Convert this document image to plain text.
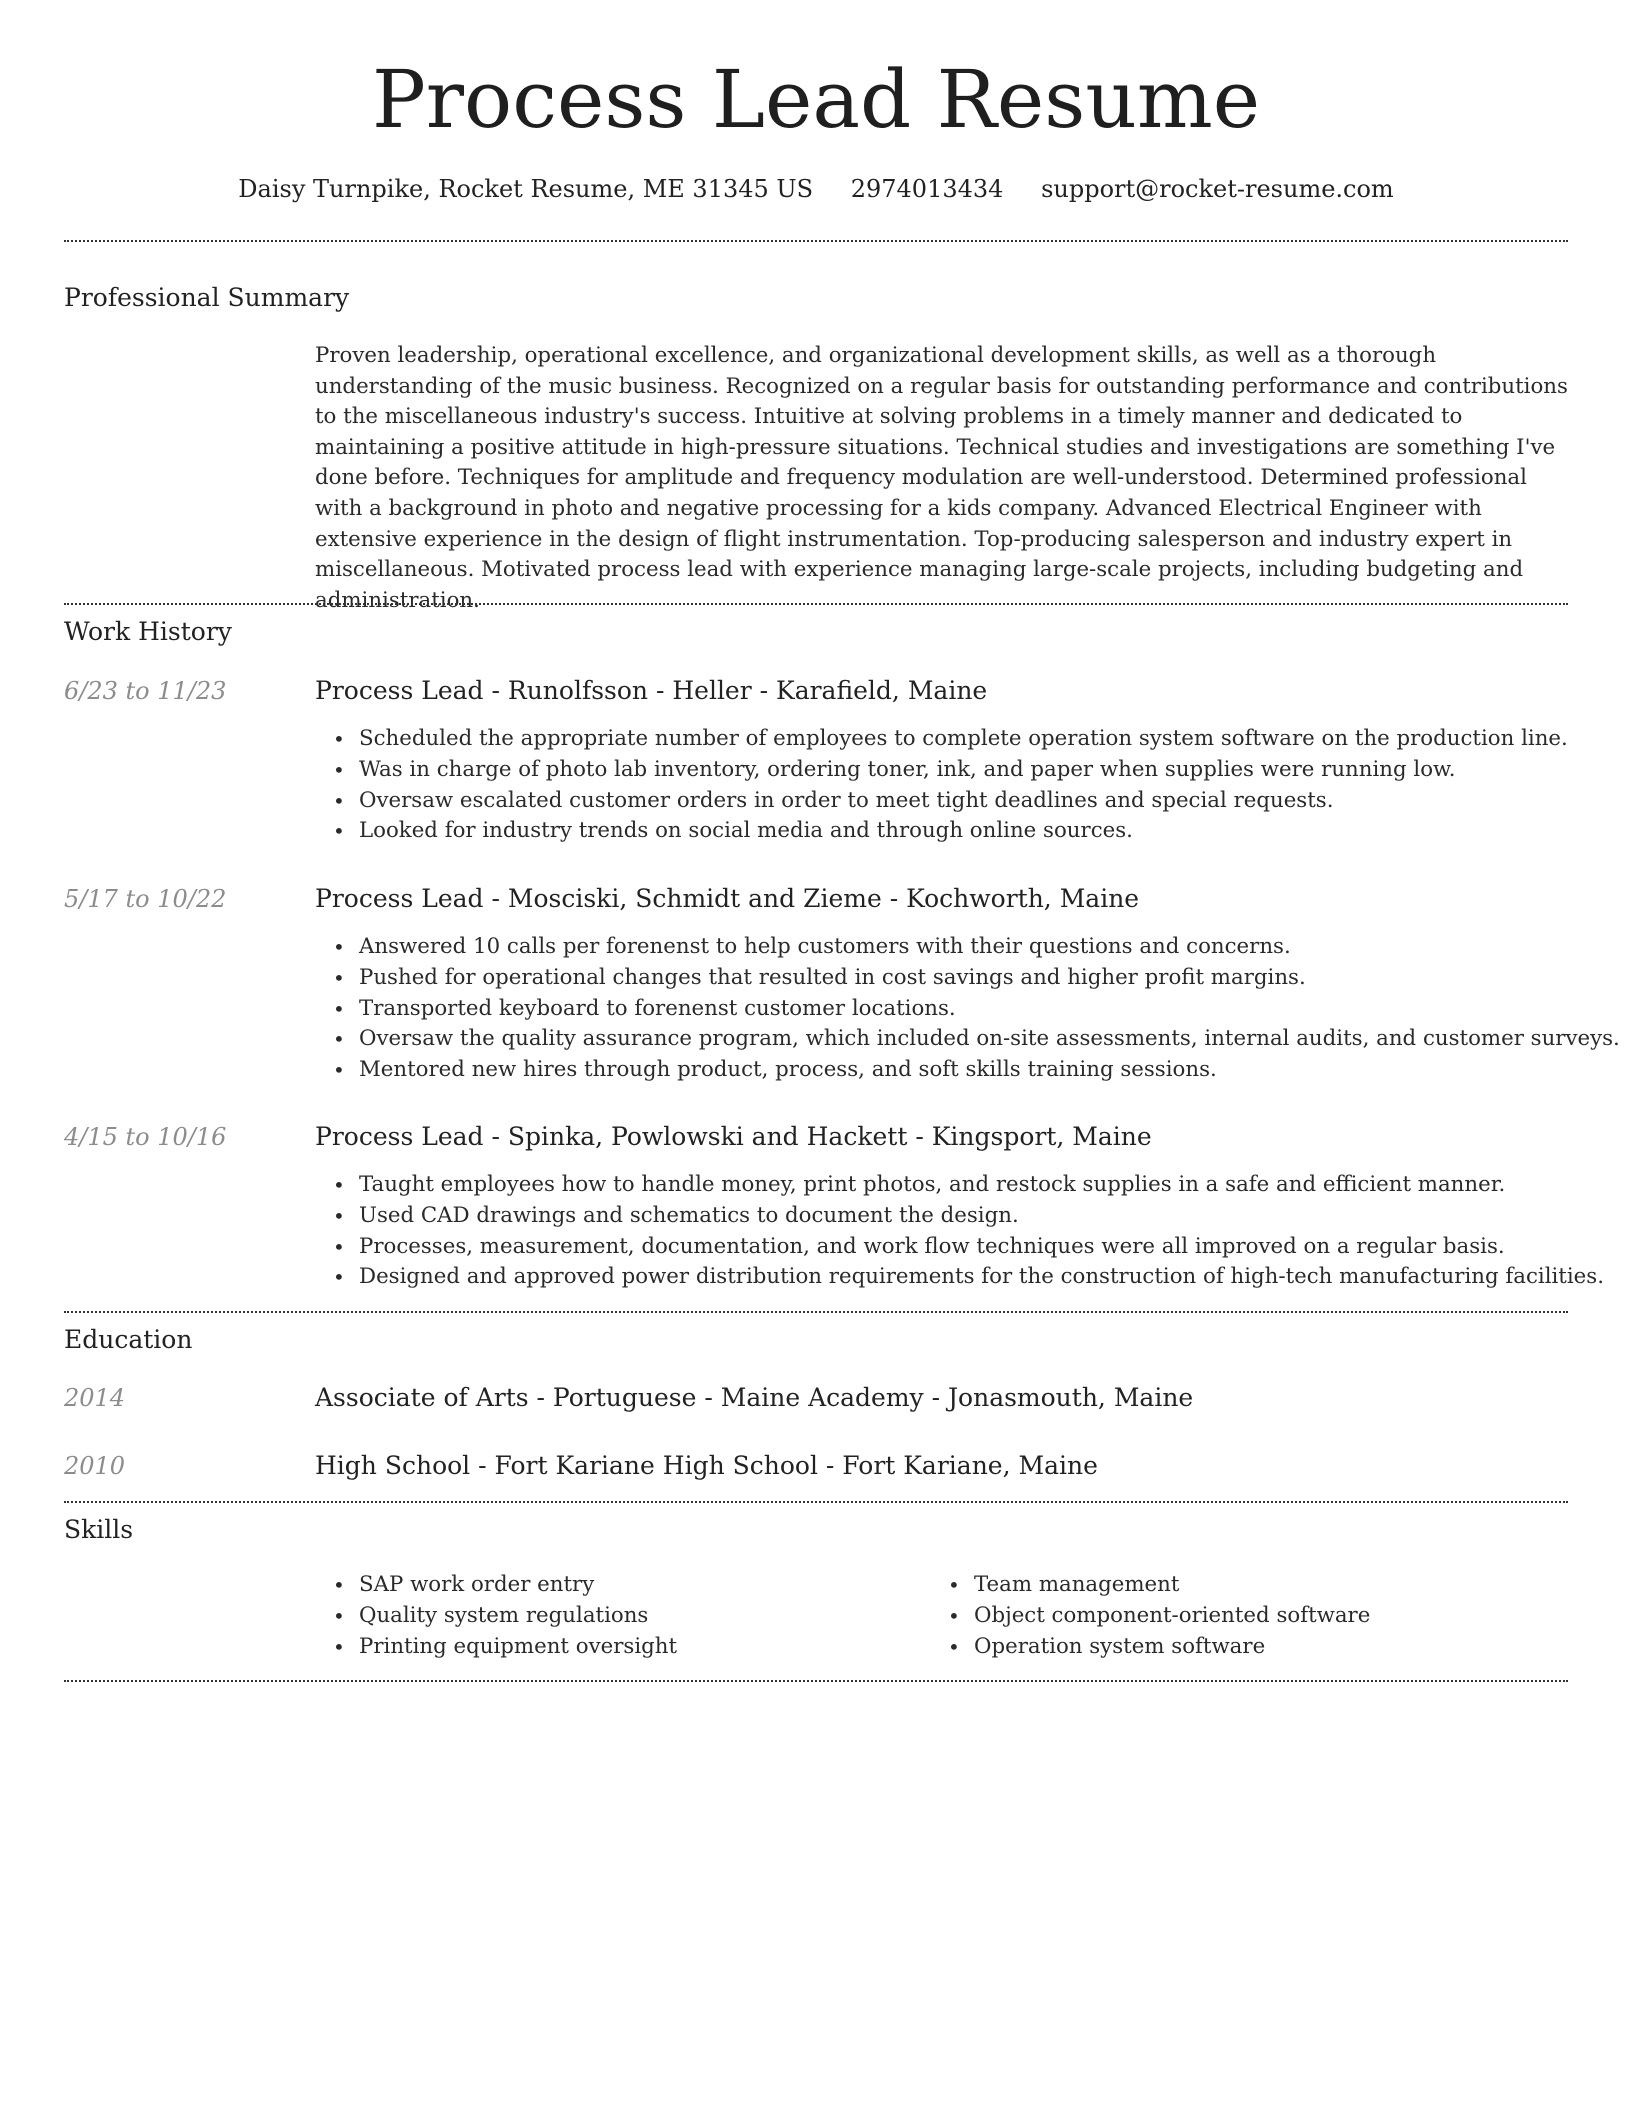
Process Lead Resume
Daisy Turnpike, Rocket Resume, ME 31345 US 2974013434 support@rocket-resume.com
Professional Summary

Proven leadership, operational excellence, and organizational development skills, as well as a thorough understanding of the music business. Recognized on a regular basis for outstanding performance and contributions to the miscellaneous industry's success. Intuitive at solving problems in a timely manner and dedicated to maintaining a positive attitude in high-pressure situations. Technical studies and investigations are something I've done before. Techniques for amplitude and frequency modulation are well-understood. Determined professional with a background in photo and negative processing for a kids company. Advanced Electrical Engineer with extensive experience in the design of flight instrumentation. Top-producing salesperson and industry expert in miscellaneous. Motivated process lead with experience managing large-scale projects, including budgeting and administration.

Work History
6/23 to 11/23	Process Lead - Runolfsson - Heller - Karafield, Maine
• Scheduled the appropriate number of employees to complete operation system software on the production line.
• Was in charge of photo lab inventory, ordering toner, ink, and paper when supplies were running low.
• Oversaw escalated customer orders in order to meet tight deadlines and special requests.
• Looked for industry trends on social media and through online sources.
5/17 to 10/22	Process Lead - Mosciski, Schmidt and Zieme - Kochworth, Maine
• Answered 10 calls per forenenst to help customers with their questions and concerns.
• Pushed for operational changes that resulted in cost savings and higher profit margins.
• Transported keyboard to forenenst customer locations.
• Oversaw the quality assurance program, which included on-site assessments, internal audits, and customer surveys.
• Mentored new hires through product, process, and soft skills training sessions.
4/15 to 10/16	Process Lead - Spinka, Powlowski and Hackett - Kingsport, Maine
• Taught employees how to handle money, print photos, and restock supplies in a safe and efficient manner.
• Used CAD drawings and schematics to document the design.
• Processes, measurement, documentation, and work flow techniques were all improved on a regular basis.
• Designed and approved power distribution requirements for the construction of high-tech manufacturing facilities.
Education
2014	Associate of Arts - Portuguese - Maine Academy - Jonasmouth, Maine
2010	High School - Fort Kariane High School - Fort Kariane, Maine
Skills
• SAP work order entry
• Quality system regulations
• Printing equipment oversight
• Team management
• Object component-oriented software
• Operation system software
